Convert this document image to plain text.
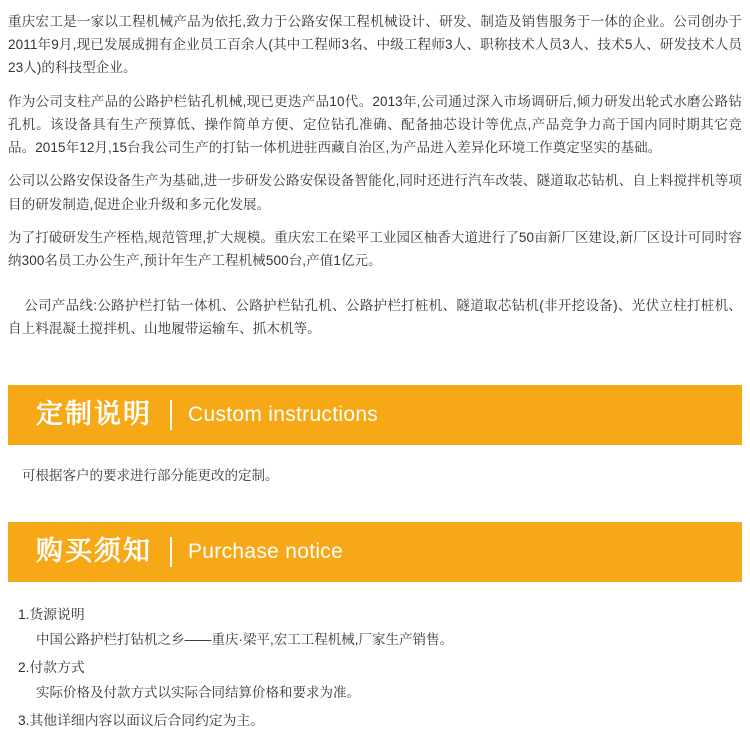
重庆宏工是一家以工程机械产品为依托,致力于公路安保工程机械设计、研发、制造及销售服务于一体的企业。公司创办于2011年9月,现已发展成拥有企业员工百余人(其中工程师3名、中级工程师3人、职称技术人员3人、技术5人、研发技术人员23人)的科技型企业。
作为公司支柱产品的公路护栏钻孔机械,现已更迭产品10代。2013年,公司通过深入市场调研后,倾力研发出轮式水磨公路钻孔机。该设备具有生产预算低、操作简单方便、定位钻孔准确、配备抽芯设计等优点,产品竞争力高于国内同时期其它竞品。2015年12月,15台我公司生产的打钻一体机进驻西藏自治区,为产品进入差异化环境工作奠定坚实的基础。
公司以公路安保设备生产为基础,进一步研发公路安保设备智能化,同时还进行汽车改装、隧道取芯钻机、自上料搅拌机等项目的研发制造,促进企业升级和多元化发展。
为了打破研发生产桎梏,规范管理,扩大规模。重庆宏工在梁平工业园区柚香大道进行了50亩新厂区建设,新厂区设计可同时容纳300名员工办公生产,预计年生产工程机械500台,产值1亿元。
公司产品线:公路护栏打钻一体机、公路护栏钻孔机、公路护栏打桩机、隧道取芯钻机(非开挖设备)、光伏立柱打桩机、自上料混凝土搅拌机、山地履带运输车、抓木机等。
定制说明 Custom instructions
可根据客户的要求进行部分能更改的定制。
购买须知 Purchase notice
1.货源说明
中国公路护栏打钻机之乡——重庆·梁平,宏工工程机械,厂家生产销售。
2.付款方式
实际价格及付款方式以实际合同结算价格和要求为准。
3.其他详细内容以面议后合同约定为主。
